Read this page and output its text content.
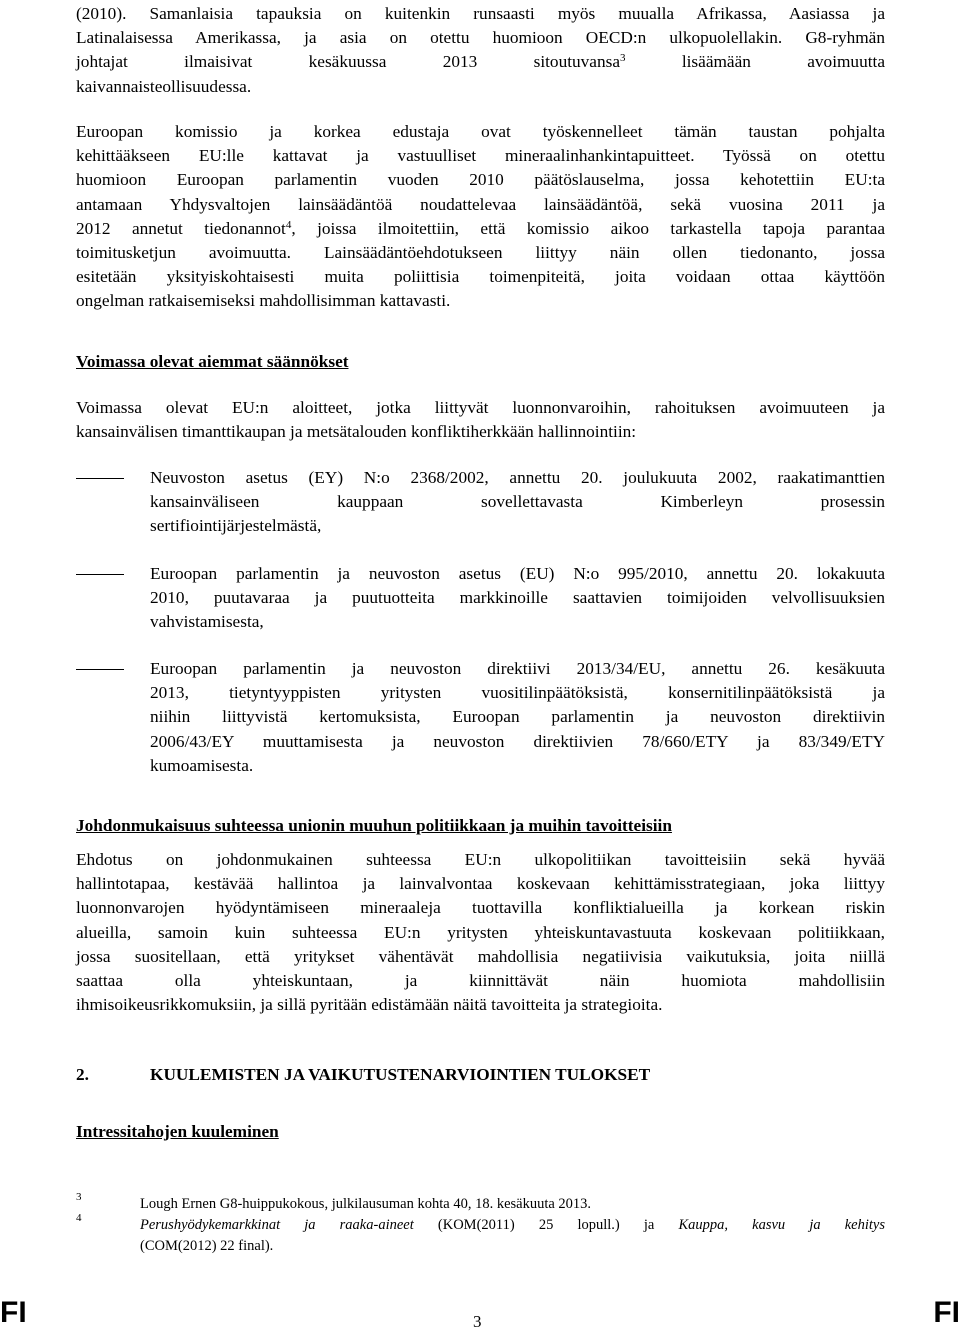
(2010). Samanlaisia tapauksia on kuitenkin runsaasti myös muualla Afrikassa, Aasiassa ja
Latinalaisessa Amerikassa, ja asia on otettu huomioon OECD:n ulkopuolellakin. G8-ryhmän
johtajat ilmaisivat kesäkuussa 2013 sitoutuvansa$^3$ lisäämään avoimuutta
kaivannaisteollisuudessa.
Euroopan komissio ja korkea edustaja ovat työskennelleet tämän taustan pohjalta
kehittääkseen EU:lle kattavat ja vastuulliset mineraalinhankintapuitteet. Työssä on otettu
huomioon Euroopan parlamentin vuoden 2010 päätöslauselma, jossa kehotettiin EU:ta
antamaan Yhdysvaltojen lainsäädäntöä noudattelevaa lainsäädäntöä, sekä vuosina 2011 ja
2012 annetut tiedonannot$^4$, joissa ilmoitettiin, että komissio aikoo tarkastella tapoja parantaa
toimitusketjun avoimuutta. Lainsäädäntöehdotukseen liittyy näin ollen tiedonanto, jossa
esitetään yksityiskohtaisesti muita poliittisia toimenpiteitä, joita voidaan ottaa käyttöön
ongelman ratkaisemiseksi mahdollisimman kattavasti.
Voimassa olevat aiemmat säännökset
Voimassa olevat EU:n aloitteet, jotka liittyvät luonnonvaroihin, rahoituksen avoimuuteen ja
kansainvälisen timanttikaupan ja metsätalouden konfliktiherkkään hallinnointiin:
Neuvoston asetus (EY) N:o 2368/2002, annettu 20. joulukuuta 2002, raakatimanttien
kansainväliseen kauppaan sovellettavasta Kimberleyn prosessin
sertifiointijärjestelmästä,
Euroopan parlamentin ja neuvoston asetus (EU) N:o 995/2010, annettu 20. lokakuuta
2010, puutavaraa ja puutuotteita markkinoille saattavien toimijoiden velvollisuuksien
vahvistamisesta,
Euroopan parlamentin ja neuvoston direktiivi 2013/34/EU, annettu 26. kesäkuuta
2013, tietyntyyppisten yritysten vuositilinpäätöksistä, konsernitilinpäätöksistä ja
niihin liittyvistä kertomuksista, Euroopan parlamentin ja neuvoston direktiivin
2006/43/EY muuttamisesta ja neuvoston direktiivien 78/660/ETY ja 83/349/ETY
kumoamisesta.
Johdonmukaisuus suhteessa unionin muuhun politiikkaan ja muihin tavoitteisiin
Ehdotus on johdonmukainen suhteessa EU:n ulkopolitiikan tavoitteisiin sekä hyvää
hallintotapaa, kestävää hallintoa ja lainvalvontaa koskevaan kehittämisstrategiaan, joka liittyy
luonnonvarojen hyödyntämiseen mineraaleja tuottavilla konfliktialueilla ja korkean riskin
alueilla, samoin kuin suhteessa EU:n yritysten yhteiskuntavastuuta koskevaan politiikkaan,
jossa suositellaan, että yritykset vähentävät mahdollisia negatiivisia vaikutuksia, joita niillä
saattaa olla yhteiskuntaan, ja kiinnittävät näin huomiota mahdollisiin
ihmisoikeusrikkomuksiin, ja sillä pyritään edistämään näitä tavoitteita ja strategioita.
2.	KUULEMISTEN JA VAIKUTUSTENARVIOINTIEN TULOKSET
Intressitahojen kuuleminen
3	Lough Ernen G8-huippukokous, julkilausuman kohta 40, 18. kesäkuuta 2013.
4	Perushyödykemarkkinat ja raaka-aineet (KOM(2011) 25 lopull.) ja Kauppa, kasvu ja kehitys
(COM(2012) 22 final).
FI	3	FI
